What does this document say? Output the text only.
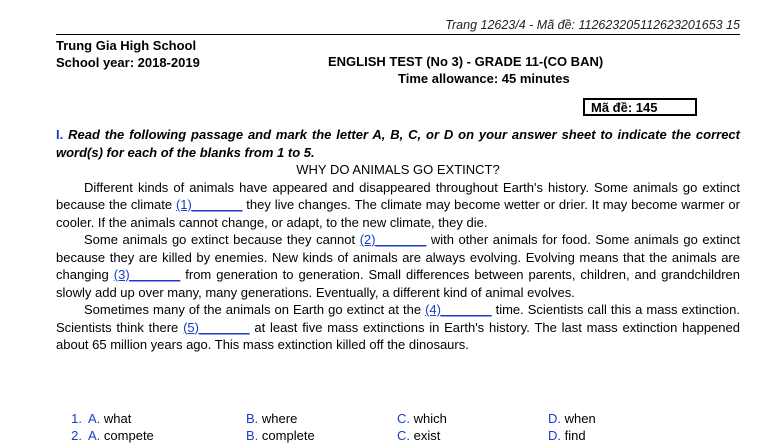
Trang 12623/4 - Mã đề: 112623205112623201653 15
Trung Gia High School
School year: 2018-2019	ENGLISH TEST (No 3) - GRADE 11-(CO BAN)
Time allowance: 45 minutes
Mã đề: 145
I. Read the following passage and mark the letter A, B, C, or D on your answer sheet to indicate the correct word(s) for each of the blanks from 1 to 5.
WHY DO ANIMALS GO EXTINCT?
Different kinds of animals have appeared and disappeared throughout Earth's history. Some animals go extinct because the climate (1)_______ they live changes. The climate may become wetter or drier. It may become warmer or cooler. If the animals cannot change, or adapt, to the new climate, they die.
Some animals go extinct because they cannot (2)_______ with other animals for food. Some animals go extinct because they are killed by enemies. New kinds of animals are always evolving. Evolving means that the animals are changing (3)_______ from generation to generation. Small differences between parents, children, and grandchildren slowly add up over many, many generations. Eventually, a different kind of animal evolves.
Sometimes many of the animals on Earth go extinct at the (4)_______ time. Scientists call this a mass extinction. Scientists think there (5)_______ at least five mass extinctions in Earth's history. The last mass extinction happened about 65 million years ago. This mass extinction killed off the dinosaurs.
1. A. what	B. where	C. which	D. when
2. A. compete	B. complete	C. exist	D. find
